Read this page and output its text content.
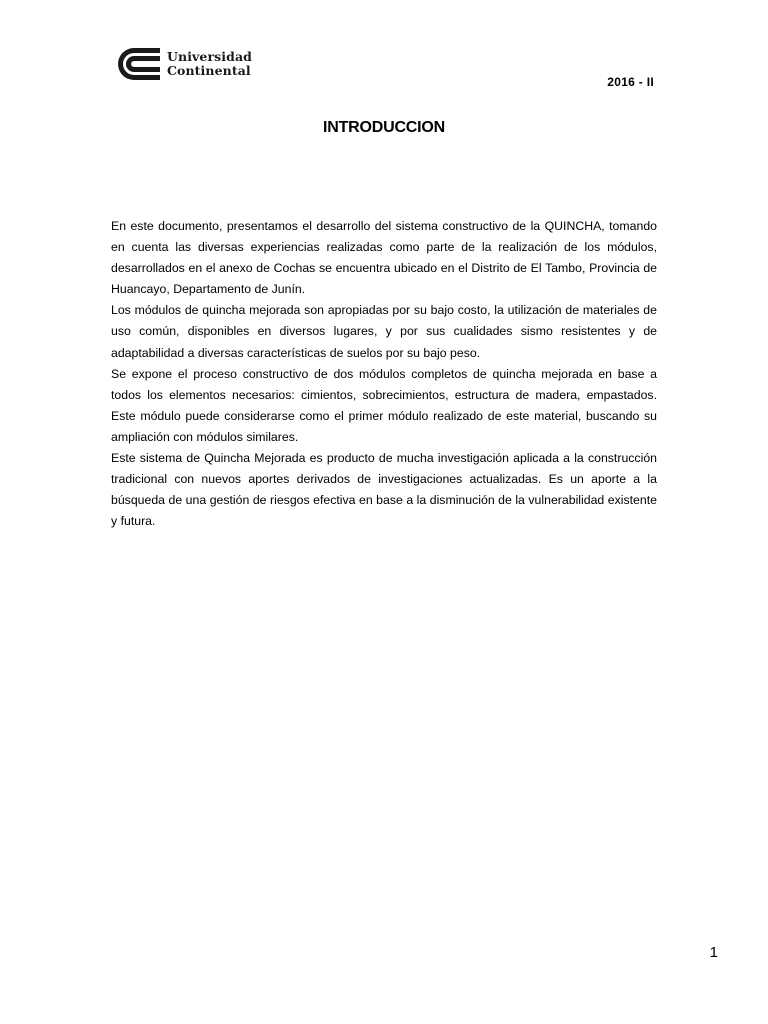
Universidad
Continental
2016 - II
INTRODUCCION

En este documento, presentamos el desarrollo del sistema constructivo de la QUINCHA, tomando en cuenta las diversas experiencias realizadas como parte de la realización de los módulos, desarrollados en el anexo de Cochas se encuentra ubicado en el Distrito de El Tambo, Provincia de Huancayo, Departamento de Junín.

Los módulos de quincha mejorada son apropiadas por su bajo costo, la utilización de materiales de uso común, disponibles en diversos lugares, y por sus cualidades sismo resistentes y de adaptabilidad a diversas características de suelos por su bajo peso.

Se expone el proceso constructivo de dos módulos completos de quincha mejorada en base a todos los elementos necesarios: cimientos, sobrecimientos, estructura de madera, empastados. Este módulo puede considerarse como el primer módulo realizado de este material, buscando su ampliación con módulos similares.

Este sistema de Quincha Mejorada es producto de mucha investigación aplicada a la construcción tradicional con nuevos aportes derivados de investigaciones actualizadas. Es un aporte a la búsqueda de una gestión de riesgos efectiva en base a la disminución de la vulnerabilidad existente y futura.

1
